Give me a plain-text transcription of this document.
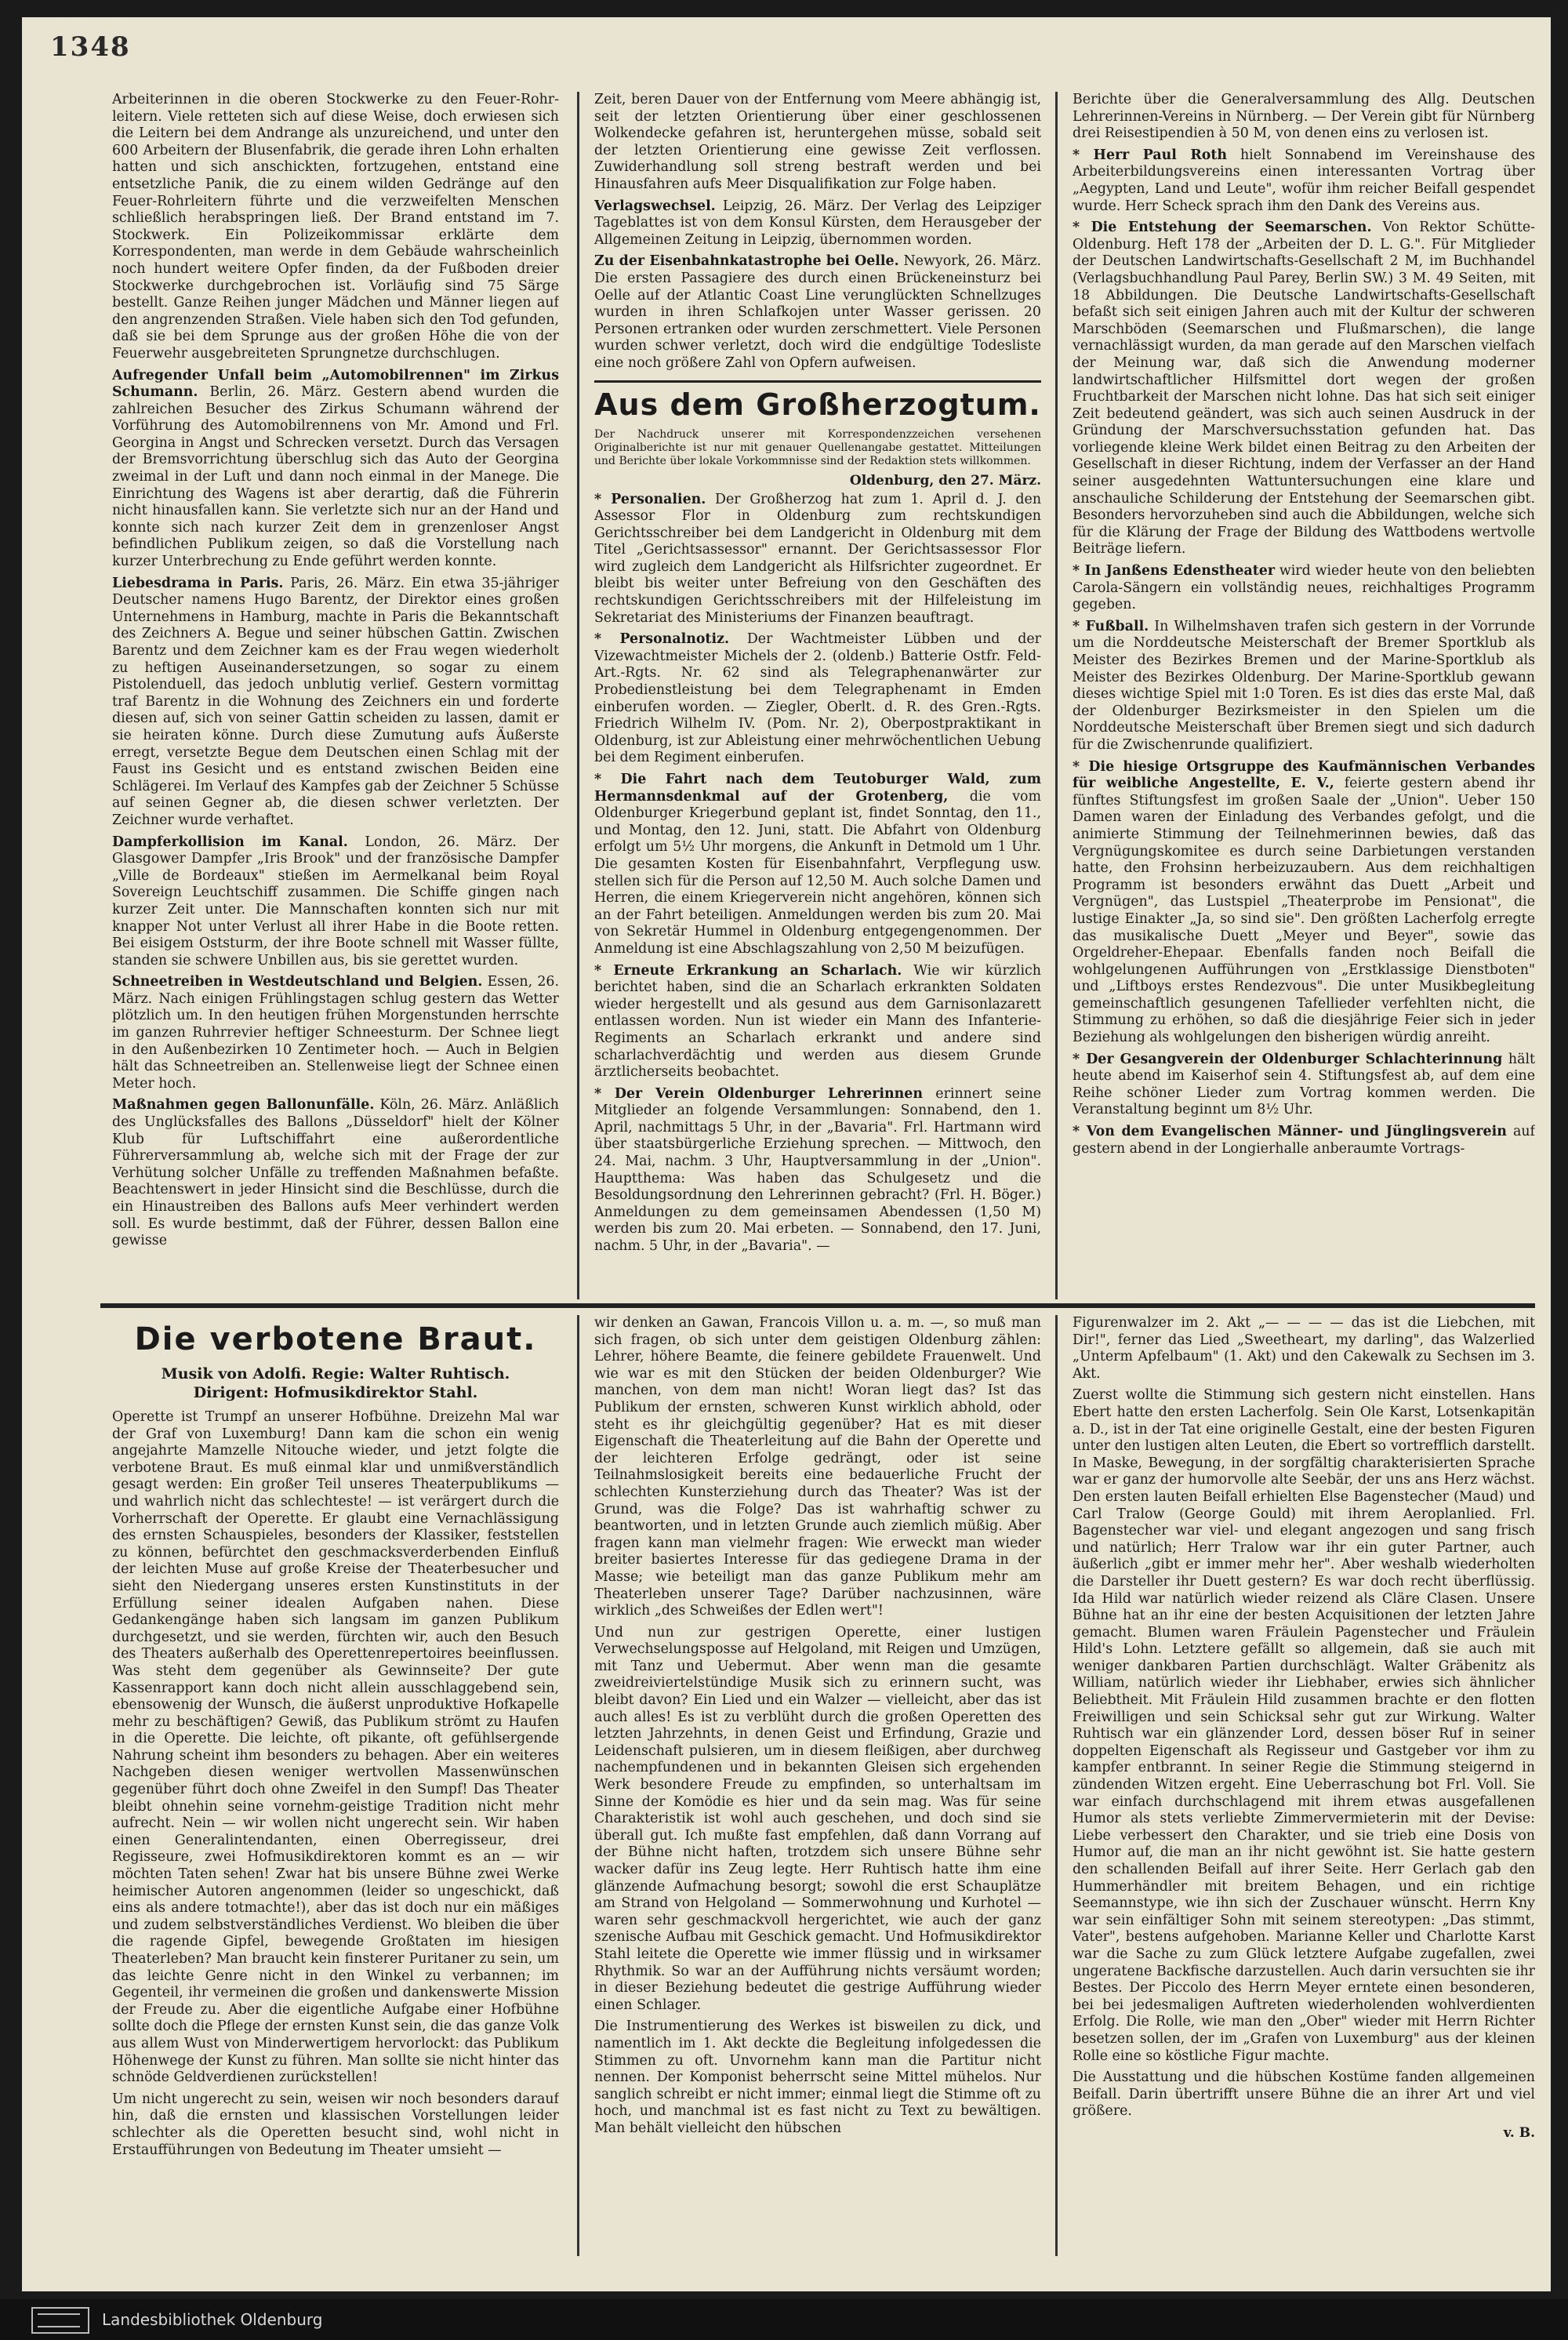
1348

Arbeiterinnen in die oberen Stockwerke zu den Feuer-Rohr-leitern. Viele retteten sich auf diese Weise, doch erwiesen sich die Leitern bei dem Andrange als unzureichend, und unter den 600 Arbeitern der Blusenfabrik, die gerade ihren Lohn erhalten hatten und sich anschickten, fortzugehen, entstand eine entsetzliche Panik, die zu einem wilden Gedränge auf den Feuer-Rohrleitern führte und die verzweifelten Menschen schließlich herabspringen ließ. Der Brand entstand im 7. Stockwerk. Ein Polizeikommissar erklärte dem Korrespondenten, man werde in dem Gebäude wahrscheinlich noch hundert weitere Opfer finden, da der Fußboden dreier Stockwerke durchgebrochen ist. Vorläufig sind 75 Särge bestellt. Ganze Reihen junger Mädchen und Männer liegen auf den angrenzenden Straßen. Viele haben sich den Tod gefunden, daß sie bei dem Sprunge aus der großen Höhe die von der Feuerwehr ausgebreiteten Sprungnetze durchschlugen.

Aufregender Unfall beim „Automobilrennen" im Zirkus Schumann. Berlin, 26. März. Gestern abend wurden die zahlreichen Besucher des Zirkus Schumann während der Vorführung des Automobilrennens von Mr. Amond und Frl. Georgina in Angst und Schrecken versetzt. Durch das Versagen der Bremsvorrichtung überschlug sich das Auto der Georgina zweimal in der Luft und dann noch einmal in der Manege. Die Einrichtung des Wagens ist aber derartig, daß die Führerin nicht hinausfallen kann. Sie verletzte sich nur an der Hand und konnte sich nach kurzer Zeit dem in grenzenloser Angst befindlichen Publikum zeigen, so daß die Vorstellung nach kurzer Unterbrechung zu Ende geführt werden konnte.

Liebesdrama in Paris. Paris, 26. März. Ein etwa 35-jähriger Deutscher namens Hugo Barentz, der Direktor eines großen Unternehmens in Hamburg, machte in Paris die Bekanntschaft des Zeichners A. Begue und seiner hübschen Gattin. Zwischen Barentz und dem Zeichner kam es der Frau wegen wiederholt zu heftigen Auseinandersetzungen, so sogar zu einem Pistolenduell, das jedoch unblutig verlief. Gestern vormittag traf Barentz in die Wohnung des Zeichners ein und forderte diesen auf, sich von seiner Gattin scheiden zu lassen, damit er sie heiraten könne. Durch diese Zumutung aufs Äußerste erregt, versetzte Begue dem Deutschen einen Schlag mit der Faust ins Gesicht und es entstand zwischen Beiden eine Schlägerei. Im Verlauf des Kampfes gab der Zeichner 5 Schüsse auf seinen Gegner ab, die diesen schwer verletzten. Der Zeichner wurde verhaftet.

Dampferkollision im Kanal. London, 26. März. Der Glasgower Dampfer „Iris Brook" und der französische Dampfer „Ville de Bordeaux" stießen im Aermelkanal beim Royal Sovereign Leuchtschiff zusammen. Die Schiffe gingen nach kurzer Zeit unter. Die Mannschaften konnten sich nur mit knapper Not unter Verlust all ihrer Habe in die Boote retten. Bei eisigem Oststurm, der ihre Boote schnell mit Wasser füllte, standen sie schwere Unbillen aus, bis sie gerettet wurden.

Schneetreiben in Westdeutschland und Belgien. Essen, 26. März. Nach einigen Frühlingstagen schlug gestern das Wetter plötzlich um. In den heutigen frühen Morgenstunden herrschte im ganzen Ruhrrevier heftiger Schneesturm. Der Schnee liegt in den Außenbezirken 10 Zentimeter hoch. — Auch in Belgien hält das Schneetreiben an. Stellenweise liegt der Schnee einen Meter hoch.

Maßnahmen gegen Ballonunfälle. Köln, 26. März. Anläßlich des Unglücksfalles des Ballons „Düsseldorf" hielt der Kölner Klub für Luftschiffahrt eine außerordentliche Führerversammlung ab, welche sich mit der Frage der zur Verhütung solcher Unfälle zu treffenden Maßnahmen befaßte. Beachtenswert in jeder Hinsicht sind die Beschlüsse, durch die ein Hinaustreiben des Ballons aufs Meer verhindert werden soll. Es wurde bestimmt, daß der Führer, dessen Ballon eine gewisse

Zeit, beren Dauer von der Entfernung vom Meere abhängig ist, seit der letzten Orientierung über einer geschlossenen Wolkendecke gefahren ist, heruntergehen müsse, sobald seit der letzten Orientierung eine gewisse Zeit verflossen. Zuwiderhandlung soll streng bestraft werden und bei Hinausfahren aufs Meer Disqualifikation zur Folge haben.

Verlagswechsel. Leipzig, 26. März. Der Verlag des Leipziger Tageblattes ist von dem Konsul Kürsten, dem Herausgeber der Allgemeinen Zeitung in Leipzig, übernommen worden.

Zu der Eisenbahnkatastrophe bei Oelle. Newyork, 26. März. Die ersten Passagiere des durch einen Brückeneinsturz bei Oelle auf der Atlantic Coast Line verunglückten Schnellzuges wurden in ihren Schlafkojen unter Wasser gerissen. 20 Personen ertranken oder wurden zerschmettert. Viele Personen wurden schwer verletzt, doch wird die endgültige Todesliste eine noch größere Zahl von Opfern aufweisen.

Aus dem Großherzogtum.
Der Nachdruck unserer mit Korrespondenzzeichen versehenen Originalberichte ist nur mit genauer Quellenangabe gestattet. Mitteilungen und Berichte über lokale Vorkommnisse sind der Redaktion stets willkommen.
Oldenburg, den 27. März.

* Personalien. Der Großherzog hat zum 1. April d. J. den Assessor Flor in Oldenburg zum rechtskundigen Gerichtsschreiber bei dem Landgericht in Oldenburg mit dem Titel „Gerichtsassessor" ernannt. Der Gerichtsassessor Flor wird zugleich dem Landgericht als Hilfsrichter zugeordnet. Er bleibt bis weiter unter Befreiung von den Geschäften des rechtskundigen Gerichtsschreibers mit der Hilfeleistung im Sekretariat des Ministeriums der Finanzen beauftragt.

* Personalnotiz. Der Wachtmeister Lübben und der Vizewachtmeister Michels der 2. (oldenb.) Batterie Ostfr. Feld-Art.-Rgts. Nr. 62 sind als Telegraphenanwärter zur Probedienstleistung bei dem Telegraphenamt in Emden einberufen worden. — Ziegler, Oberlt. d. R. des Gren.-Rgts. Friedrich Wilhelm IV. (Pom. Nr. 2), Oberpostpraktikant in Oldenburg, ist zur Ableistung einer mehrwöchentlichen Uebung bei dem Regiment einberufen.

* Die Fahrt nach dem Teutoburger Wald, zum Hermannsdenkmal auf der Grotenberg, die vom Oldenburger Kriegerbund geplant ist, findet Sonntag, den 11., und Montag, den 12. Juni, statt. Die Abfahrt von Oldenburg erfolgt um 5½ Uhr morgens, die Ankunft in Detmold um 1 Uhr. Die gesamten Kosten für Eisenbahnfahrt, Verpflegung usw. stellen sich für die Person auf 12,50 M. Auch solche Damen und Herren, die einem Kriegerverein nicht angehören, können sich an der Fahrt beteiligen. Anmeldungen werden bis zum 20. Mai von Sekretär Hummel in Oldenburg entgegengenommen. Der Anmeldung ist eine Abschlagszahlung von 2,50 M beizufügen.

* Erneute Erkrankung an Scharlach. Wie wir kürzlich berichtet haben, sind die an Scharlach erkrankten Soldaten wieder hergestellt und als gesund aus dem Garnisonlazarett entlassen worden. Nun ist wieder ein Mann des Infanterie-Regiments an Scharlach erkrankt und andere sind scharlachverdächtig und werden aus diesem Grunde ärztlicherseits beobachtet.

* Der Verein Oldenburger Lehrerinnen erinnert seine Mitglieder an folgende Versammlungen: Sonnabend, den 1. April, nachmittags 5 Uhr, in der „Bavaria". Frl. Hartmann wird über staatsbürgerliche Erziehung sprechen. — Mittwoch, den 24. Mai, nachm. 3 Uhr, Hauptversammlung in der „Union". Hauptthema: Was haben das Schulgesetz und die Besoldungsordnung den Lehrerinnen gebracht? (Frl. H. Böger.) Anmeldungen zu dem gemeinsamen Abendessen (1,50 M) werden bis zum 20. Mai erbeten. — Sonnabend, den 17. Juni, nachm. 5 Uhr, in der „Bavaria". —

Berichte über die Generalversammlung des Allg. Deutschen Lehrerinnen-Vereins in Nürnberg. — Der Verein gibt für Nürnberg drei Reisestipendien à 50 M, von denen eins zu verlosen ist.

* Herr Paul Roth hielt Sonnabend im Vereinshause des Arbeiterbildungsvereins einen interessanten Vortrag über „Aegypten, Land und Leute", wofür ihm reicher Beifall gespendet wurde. Herr Scheck sprach ihm den Dank des Vereins aus.

* Die Entstehung der Seemarschen. Von Rektor Schütte-Oldenburg. Heft 178 der „Arbeiten der D. L. G.". Für Mitglieder der Deutschen Landwirtschafts-Gesellschaft 2 M, im Buchhandel (Verlagsbuchhandlung Paul Parey, Berlin SW.) 3 M. 49 Seiten, mit 18 Abbildungen. Die Deutsche Landwirtschafts-Gesellschaft befaßt sich seit einigen Jahren auch mit der Kultur der schweren Marschböden (Seemarschen und Flußmarschen), die lange vernachlässigt wurden, da man gerade auf den Marschen vielfach der Meinung war, daß sich die Anwendung moderner landwirtschaftlicher Hilfsmittel dort wegen der großen Fruchtbarkeit der Marschen nicht lohne. Das hat sich seit einiger Zeit bedeutend geändert, was sich auch seinen Ausdruck in der Gründung der Marschversuchsstation gefunden hat. Das vorliegende kleine Werk bildet einen Beitrag zu den Arbeiten der Gesellschaft in dieser Richtung, indem der Verfasser an der Hand seiner ausgedehnten Wattuntersuchungen eine klare und anschauliche Schilderung der Entstehung der Seemarschen gibt. Besonders hervorzuheben sind auch die Abbildungen, welche sich für die Klärung der Frage der Bildung des Wattbodens wertvolle Beiträge liefern.

* In Janßens Edenstheater wird wieder heute von den beliebten Carola-Sängern ein vollständig neues, reichhaltiges Programm gegeben.

* Fußball. In Wilhelmshaven trafen sich gestern in der Vorrunde um die Norddeutsche Meisterschaft der Bremer Sportklub als Meister des Bezirkes Bremen und der Marine-Sportklub als Meister des Bezirkes Oldenburg. Der Marine-Sportklub gewann dieses wichtige Spiel mit 1:0 Toren. Es ist dies das erste Mal, daß der Oldenburger Bezirksmeister in den Spielen um die Norddeutsche Meisterschaft über Bremen siegt und sich dadurch für die Zwischenrunde qualifiziert.

* Die hiesige Ortsgruppe des Kaufmännischen Verbandes für weibliche Angestellte, E. V., feierte gestern abend ihr fünftes Stiftungsfest im großen Saale der „Union". Ueber 150 Damen waren der Einladung des Verbandes gefolgt, und die animierte Stimmung der Teilnehmerinnen bewies, daß das Vergnügungskomitee es durch seine Darbietungen verstanden hatte, den Frohsinn herbeizuzaubern. Aus dem reichhaltigen Programm ist besonders erwähnt das Duett „Arbeit und Vergnügen", das Lustspiel „Theaterprobe im Pensionat", die lustige Einakter „Ja, so sind sie". Den größten Lacherfolg erregte das musikalische Duett „Meyer und Beyer", sowie das Orgeldreher-Ehepaar. Ebenfalls fanden noch Beifall die wohlgelungenen Aufführungen von „Erstklassige Dienstboten" und „Liftboys erstes Rendezvous". Die unter Musikbegleitung gemeinschaftlich gesungenen Tafellieder verfehlten nicht, die Stimmung zu erhöhen, so daß die diesjährige Feier sich in jeder Beziehung als wohlgelungen den bisherigen würdig anreiht.

* Der Gesangverein der Oldenburger Schlachterinnung hält heute abend im Kaiserhof sein 4. Stiftungsfest ab, auf dem eine Reihe schöner Lieder zum Vortrag kommen werden. Die Veranstaltung beginnt um 8½ Uhr.

* Von dem Evangelischen Männer- und Jünglingsverein auf gestern abend in der Longierhalle anberaumte Vortrags-

Die verbotene Braut.
Musik von Adolfi. Regie: Walter Ruhtisch.
Dirigent: Hofmusikdirektor Stahl.

Operette ist Trumpf an unserer Hofbühne. Dreizehn Mal war der Graf von Luxemburg! Dann kam die schon ein wenig angejahrte Mamzelle Nitouche wieder, und jetzt folgte die verbotene Braut. Es muß einmal klar und unmißverständlich gesagt werden: Ein großer Teil unseres Theaterpublikums — und wahrlich nicht das schlechteste! — ist verärgert durch die Vorherrschaft der Operette. Er glaubt eine Vernachlässigung des ernsten Schauspieles, besonders der Klassiker, feststellen zu können, befürchtet den geschmacksverderbenden Einfluß der leichten Muse auf große Kreise der Theaterbesucher und sieht den Niedergang unseres ersten Kunstinstituts in der Erfüllung seiner idealen Aufgaben nahen. Diese Gedankengänge haben sich langsam im ganzen Publikum durchgesetzt, und sie werden, fürchten wir, auch den Besuch des Theaters außerhalb des Operettenrepertoires beeinflussen. Was steht dem gegenüber als Gewinnseite? Der gute Kassenrapport kann doch nicht allein ausschlaggebend sein, ebensowenig der Wunsch, die äußerst unproduktive Hofkapelle mehr zu beschäftigen? Gewiß, das Publikum strömt zu Haufen in die Operette. Die leichte, oft pikante, oft gefühlsergende Nahrung scheint ihm besonders zu behagen. Aber ein weiteres Nachgeben diesen weniger wertvollen Massenwünschen gegenüber führt doch ohne Zweifel in den Sumpf! Das Theater bleibt ohnehin seine vornehm-geistige Tradition nicht mehr aufrecht. Nein — wir wollen nicht ungerecht sein. Wir haben einen Generalintendanten, einen Oberregisseur, drei Regisseure, zwei Hofmusikdirektoren kommt es an — wir möchten Taten sehen! Zwar hat bis unsere Bühne zwei Werke heimischer Autoren angenommen (leider so ungeschickt, daß eins als andere totmachte!), aber das ist doch nur ein mäßiges und zudem selbstverständliches Verdienst. Wo bleiben die über die ragende Gipfel, bewegende Großtaten im hiesigen Theaterleben? Man braucht kein finsterer Puritaner zu sein, um das leichte Genre nicht in den Winkel zu verbannen; im Gegenteil, ihr vermeinen die großen und dankenswerte Mission der Freude zu. Aber die eigentliche Aufgabe einer Hofbühne sollte doch die Pflege der ernsten Kunst sein, die das ganze Volk aus allem Wust von Minderwertigem hervorlockt: das Publikum Höhenwege der Kunst zu führen. Man sollte sie nicht hinter das schnöde Geldverdienen zurückstellen!

Um nicht ungerecht zu sein, weisen wir noch besonders darauf hin, daß die ernsten und klassischen Vorstellungen leider schlechter als die Operetten besucht sind, wohl nicht in Erstaufführungen von Bedeutung im Theater umsieht —

wir denken an Gawan, Francois Villon u. a. m. —, so muß man sich fragen, ob sich unter dem geistigen Oldenburg zählen: Lehrer, höhere Beamte, die feinere gebildete Frauenwelt. Und wie war es mit den Stücken der beiden Oldenburger? Wie manchen, von dem man nicht! Woran liegt das? Ist das Publikum der ernsten, schweren Kunst wirklich abhold, oder steht es ihr gleichgültig gegenüber? Hat es mit dieser Eigenschaft die Theaterleitung auf die Bahn der Operette und der leichteren Erfolge gedrängt, oder ist seine Teilnahmslosigkeit bereits eine bedauerliche Frucht der schlechten Kunsterziehung durch das Theater? Was ist der Grund, was die Folge? Das ist wahrhaftig schwer zu beantworten, und in letzten Grunde auch ziemlich müßig. Aber fragen kann man vielmehr fragen: Wie erweckt man wieder breiter basiertes Interesse für das gediegene Drama in der Masse; wie beteiligt man das ganze Publikum mehr am Theaterleben unserer Tage? Darüber nachzusinnen, wäre wirklich „des Schweißes der Edlen wert"!

Und nun zur gestrigen Operette, einer lustigen Verwechselungsposse auf Helgoland, mit Reigen und Umzügen, mit Tanz und Uebermut. Aber wenn man die gesamte zweidreiviertelstündige Musik sich zu erinnern sucht, was bleibt davon? Ein Lied und ein Walzer — vielleicht, aber das ist auch alles! Es ist zu verblüht durch die großen Operetten des letzten Jahrzehnts, in denen Geist und Erfindung, Grazie und Leidenschaft pulsieren, um in diesem fleißigen, aber durchweg nachempfundenen und in bekannten Gleisen sich ergehenden Werk besondere Freude zu empfinden, so unterhaltsam im Sinne der Komödie es hier und da sein mag. Was für seine Charakteristik ist wohl auch geschehen, und doch sind sie überall gut. Ich mußte fast empfehlen, daß dann Vorrang auf der Bühne nicht haften, trotzdem sich unsere Bühne sehr wacker dafür ins Zeug legte. Herr Ruhtisch hatte ihm eine glänzende Aufmachung besorgt; sowohl die erst Schauplätze am Strand von Helgoland — Sommerwohnung und Kurhotel — waren sehr geschmackvoll hergerichtet, wie auch der ganz szenische Aufbau mit Geschick gemacht. Und Hofmusikdirektor Stahl leitete die Operette wie immer flüssig und in wirksamer Rhythmik. So war an der Aufführung nichts versäumt worden; in dieser Beziehung bedeutet die gestrige Aufführung wieder einen Schlager.

Die Instrumentierung des Werkes ist bisweilen zu dick, und namentlich im 1. Akt deckte die Begleitung infolgedessen die Stimmen zu oft. Unvornehm kann man die Partitur nicht nennen. Der Komponist beherrscht seine Mittel mühelos. Nur sanglich schreibt er nicht immer; einmal liegt die Stimme oft zu hoch, und manchmal ist es fast nicht zu Text zu bewältigen. Man behält vielleicht den hübschen

Figurenwalzer im 2. Akt „— — — — das ist die Liebchen, mit Dir!", ferner das Lied „Sweetheart, my darling", das Walzerlied „Unterm Apfelbaum" (1. Akt) und den Cakewalk zu Sechsen im 3. Akt.

Zuerst wollte die Stimmung sich gestern nicht einstellen. Hans Ebert hatte den ersten Lacherfolg. Sein Ole Karst, Lotsenkapitän a. D., ist in der Tat eine originelle Gestalt, eine der besten Figuren unter den lustigen alten Leuten, die Ebert so vortrefflich darstellt. In Maske, Bewegung, in der sorgfältig charakterisierten Sprache war er ganz der humorvolle alte Seebär, der uns ans Herz wächst. Den ersten lauten Beifall erhielten Else Bagenstecher (Maud) und Carl Tralow (George Gould) mit ihrem Aeroplanlied. Frl. Bagenstecher war viel- und elegant angezogen und sang frisch und natürlich; Herr Tralow war ihr ein guter Partner, auch äußerlich „gibt er immer mehr her". Aber weshalb wiederholten die Darsteller ihr Duett gestern? Es war doch recht überflüssig. Ida Hild war natürlich wieder reizend als Cläre Clasen. Unsere Bühne hat an ihr eine der besten Acquisitionen der letzten Jahre gemacht. Blumen waren Fräulein Pagenstecher und Fräulein Hild's Lohn. Letztere gefällt so allgemein, daß sie auch mit weniger dankbaren Partien durchschlägt. Walter Gräbenitz als William, natürlich wieder ihr Liebhaber, erwies sich ähnlicher Beliebtheit. Mit Fräulein Hild zusammen brachte er den flotten Freiwilligen und sein Schicksal sehr gut zur Wirkung. Walter Ruhtisch war ein glänzender Lord, dessen böser Ruf in seiner doppelten Eigenschaft als Regisseur und Gastgeber vor ihm zu kampfer entbrannt. In seiner Regie die Stimmung steigernd in zündenden Witzen ergeht. Eine Ueberraschung bot Frl. Voll. Sie war einfach durchschlagend mit ihrem etwas ausgefallenen Humor als stets verliebte Zimmervermieterin mit der Devise: Liebe verbessert den Charakter, und sie trieb eine Dosis von Humor auf, die man an ihr nicht gewöhnt ist. Sie hatte gestern den schallenden Beifall auf ihrer Seite. Herr Gerlach gab den Hummerhändler mit breitem Behagen, und ein richtige Seemannstype, wie ihn sich der Zuschauer wünscht. Herrn Kny war sein einfältiger Sohn mit seinem stereotypen: „Das stimmt, Vater", bestens aufgehoben. Marianne Keller und Charlotte Karst war die Sache zu zum Glück letztere Aufgabe zugefallen, zwei ungeratene Backfische darzustellen. Auch darin versuchten sie ihr Bestes. Der Piccolo des Herrn Meyer erntete einen besonderen, bei bei jedesmaligen Auftreten wiederholenden wohlverdienten Erfolg. Die Rolle, wie man den „Ober" wieder mit Herrn Richter besetzen sollen, der im „Grafen von Luxemburg" aus der kleinen Rolle eine so köstliche Figur machte.

Die Ausstattung und die hübschen Kostüme fanden allgemeinen Beifall. Darin übertrifft unsere Bühne die an ihrer Art und viel größere.

v. B.
Landesbibliothek Oldenburg
